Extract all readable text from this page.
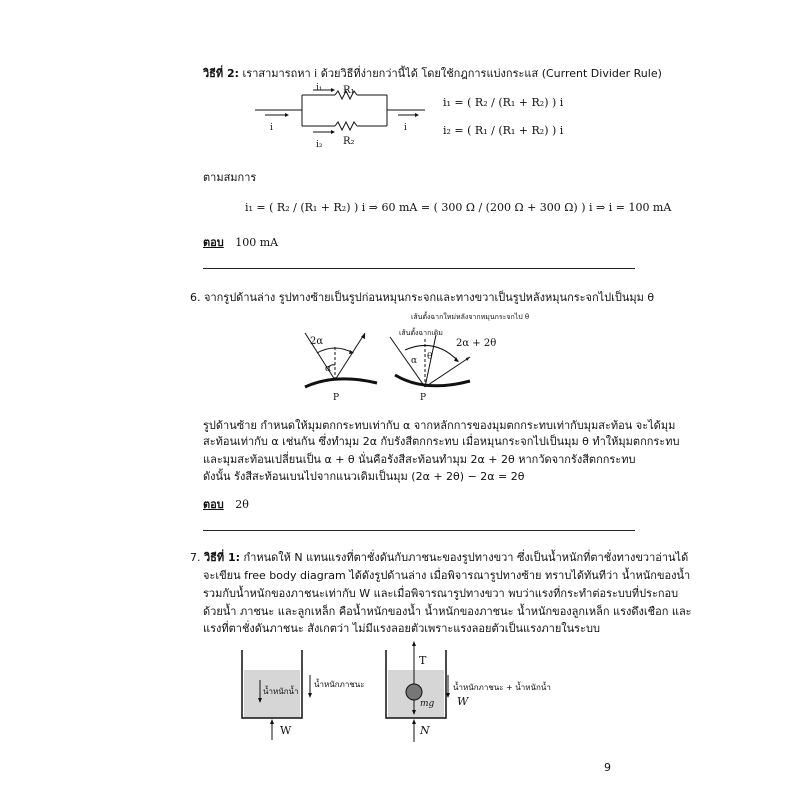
วิธีที่ 2: เราสามารถหา i ด้วยวิธีที่ง่ายกว่านี้ได้ โดยใช้กฎการแบ่งกระแส (Current Divider Rule)
i₁ R₁
i₂ R₂
i	i
i₁ = ( R₂ / (R₁ + R₂) ) i
i₂ = ( R₁ / (R₁ + R₂) ) i
ตามสมการ
i₁ = ( R₂ / (R₁ + R₂) ) i ⇒ 60 mA = ( 300 Ω / (200 Ω + 300 Ω) ) i ⇒ i = 100 mA
ตอบ 100 mA
6. จากรูปด้านล่าง รูปทางซ้ายเป็นรูปก่อนหมุนกระจกและทางขวาเป็นรูปหลังหมุนกระจกไปเป็นมุม θ
2α
α
P
เส้นตั้งฉากใหม่หลังจากหมุนกระจกไป θ
เส้นตั้งฉากเดิม
α θ
2α + 2θ
P
รูปด้านซ้าย กำหนดให้มุมตกกระทบเท่ากับ α จากหลักการของมุมตกกระทบเท่ากับมุมสะท้อน จะได้มุม
สะท้อนเท่ากับ α เช่นกัน ซึ่งทำมุม 2α กับรังสีตกกระทบ เมื่อหมุนกระจกไปเป็นมุม θ ทำให้มุมตกกระทบ
และมุมสะท้อนเปลี่ยนเป็น α + θ นั่นคือรังสีสะท้อนทำมุม 2α + 2θ หากวัดจากรังสีตกกระทบ
ดังนั้น รังสีสะท้อนเบนไปจากแนวเดิมเป็นมุม (2α + 2θ) − 2α = 2θ
ตอบ 2θ
7. วิธีที่ 1: กำหนดให้ N แทนแรงที่ตาชั่งดันกับภาชนะของรูปทางขวา ซึ่งเป็นน้ำหนักที่ตาชั่งทางขวาอ่านได้
จะเขียน free body diagram ได้ดังรูปด้านล่าง เมื่อพิจารณารูปทางซ้าย ทราบได้ทันทีว่า น้ำหนักของน้ำ
รวมกับน้ำหนักของภาชนะเท่ากับ W และเมื่อพิจารณารูปทางขวา พบว่าแรงที่กระทำต่อระบบที่ประกอบ
ด้วยน้ำ ภาชนะ และลูกเหล็ก คือน้ำหนักของน้ำ น้ำหนักของภาชนะ น้ำหนักของลูกเหล็ก แรงดึงเชือก และ
แรงที่ตาชั่งดันภาชนะ สังเกตว่า ไม่มีแรงลอยตัวเพราะแรงลอยตัวเป็นแรงภายในระบบ
น้ำหนักน้ำ
น้ำหนักภาชนะ
W
T
mg
น้ำหนักภาชนะ + น้ำหนักน้ำ
W
N
9
